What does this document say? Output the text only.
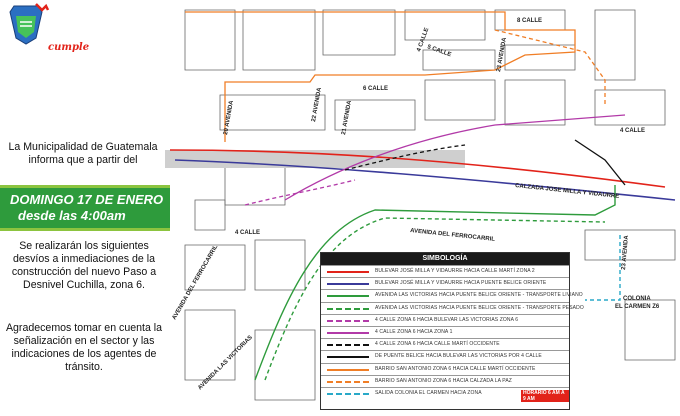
cumple
La Municipalidad de Guatemala informa que a partir del
DOMINGO 17 DE ENERO
desde las 4:00am
Se realizarán los siguientes desvíos a inmediaciones de la construcción del nuevo Paso a Desnivel Cuchilla, zona 6.
Agradecemos tomar en cuenta la señalización en el sector y las indicaciones de los agentes de tránsito.
8 CALLE
6 CALLE
5 CALLE
4 CALLE
4 CALLE
4 CALLE
20 AVENIDA	21 AVENIDA
22 AVENIDA
23 AVENIDA
23 AVENIDA
CALZADA JOSE MILLA Y VIDAURRE
AVENIDA DEL FERROCARRIL
AVENIDA DEL FERROCARRIL
AVENIDA LAS VICTORIAS
COLONIA
EL CARMEN Z6
SIMBOLOGÍA
BULEVAR JOSÉ MILLA Y VIDAURRE HACIA CALLE MARTÍ ZONA 2
BULEVAR JOSÉ MILLA Y VIDAURRE HACIA PUENTE BELICE ORIENTE
AVENIDA LAS VICTORIAS HACIA PUENTE BELICE ORIENTE - TRANSPORTE LIVIANO
AVENIDA LAS VICTORIAS HACIA PUENTE BELICE ORIENTE - TRANSPORTE PESADO
4 CALLE ZONA 6 HACIA BULEVAR LAS VICTORIAS ZONA 6
4 CALLE ZONA 6 HACIA ZONA 1
4 CALLE ZONA 6 HACIA CALLE MARTÍ OCCIDENTE
DE PUENTE BELICE HACIA BULEVAR LAS VICTORIAS POR 4 CALLE
BARRIO SAN ANTONIO ZONA 6 HACIA CALLE MARTÍ OCCIDENTE
BARRIO SAN ANTONIO ZONA 6 HACIA CALZADA LA PAZ
SALIDA COLONIA EL CARMEN HACIA ZONA	HORARIO 6 AM A 9 AM
